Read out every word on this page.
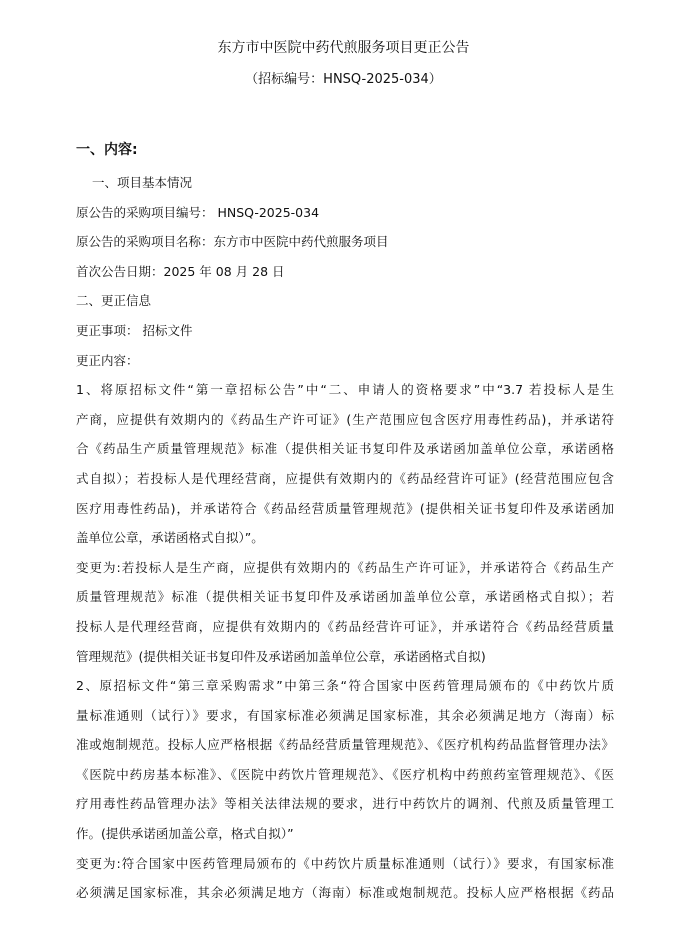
东方市中医院中药代煎服务项目更正公告
（招标编号：HNSQ-2025-034）
一、内容:
一、项目基本情况
原公告的采购项目编号： HNSQ-2025-034
原公告的采购项目名称：东方市中医院中药代煎服务项目
首次公告日期：2025 年 08 月 28 日
二、更正信息
更正事项： 招标文件
更正内容：
1、将原招标文件“第一章招标公告”中“二、申请人的资格要求”中“3.7 若投标人是生
产商，应提供有效期内的《药品生产许可证》(生产范围应包含医疗用毒性药品)，并承诺符
合《药品生产质量管理规范》标准（提供相关证书复印件及承诺函加盖单位公章，承诺函格
式自拟）；若投标人是代理经营商，应提供有效期内的《药品经营许可证》(经营范围应包含
医疗用毒性药品)，并承诺符合《药品经营质量管理规范》(提供相关证书复印件及承诺函加
盖单位公章，承诺函格式自拟）”。
变更为:若投标人是生产商，应提供有效期内的《药品生产许可证》，并承诺符合《药品生产
质量管理规范》标准（提供相关证书复印件及承诺函加盖单位公章，承诺函格式自拟）；若
投标人是代理经营商，应提供有效期内的《药品经营许可证》，并承诺符合《药品经营质量
管理规范》(提供相关证书复印件及承诺函加盖单位公章，承诺函格式自拟)
2、原招标文件“第三章采购需求”中第三条“符合国家中医药管理局颁布的《中药饮片质
量标准通则（试行）》要求，有国家标准必须满足国家标准，其余必须满足地方（海南）标
准或炮制规范。投标人应严格根据《药品经营质量管理规范》、《医疗机构药品监督管理办法》
《医院中药房基本标准》、《医院中药饮片管理规范》、《医疗机构中药煎药室管理规范》、《医
疗用毒性药品管理办法》等相关法律法规的要求，进行中药饮片的调剂、代煎及质量管理工
作。(提供承诺函加盖公章，格式自拟）”
变更为:符合国家中医药管理局颁布的《中药饮片质量标准通则（试行）》要求，有国家标准
必须满足国家标准，其余必须满足地方（海南）标准或炮制规范。投标人应严格根据《药品
